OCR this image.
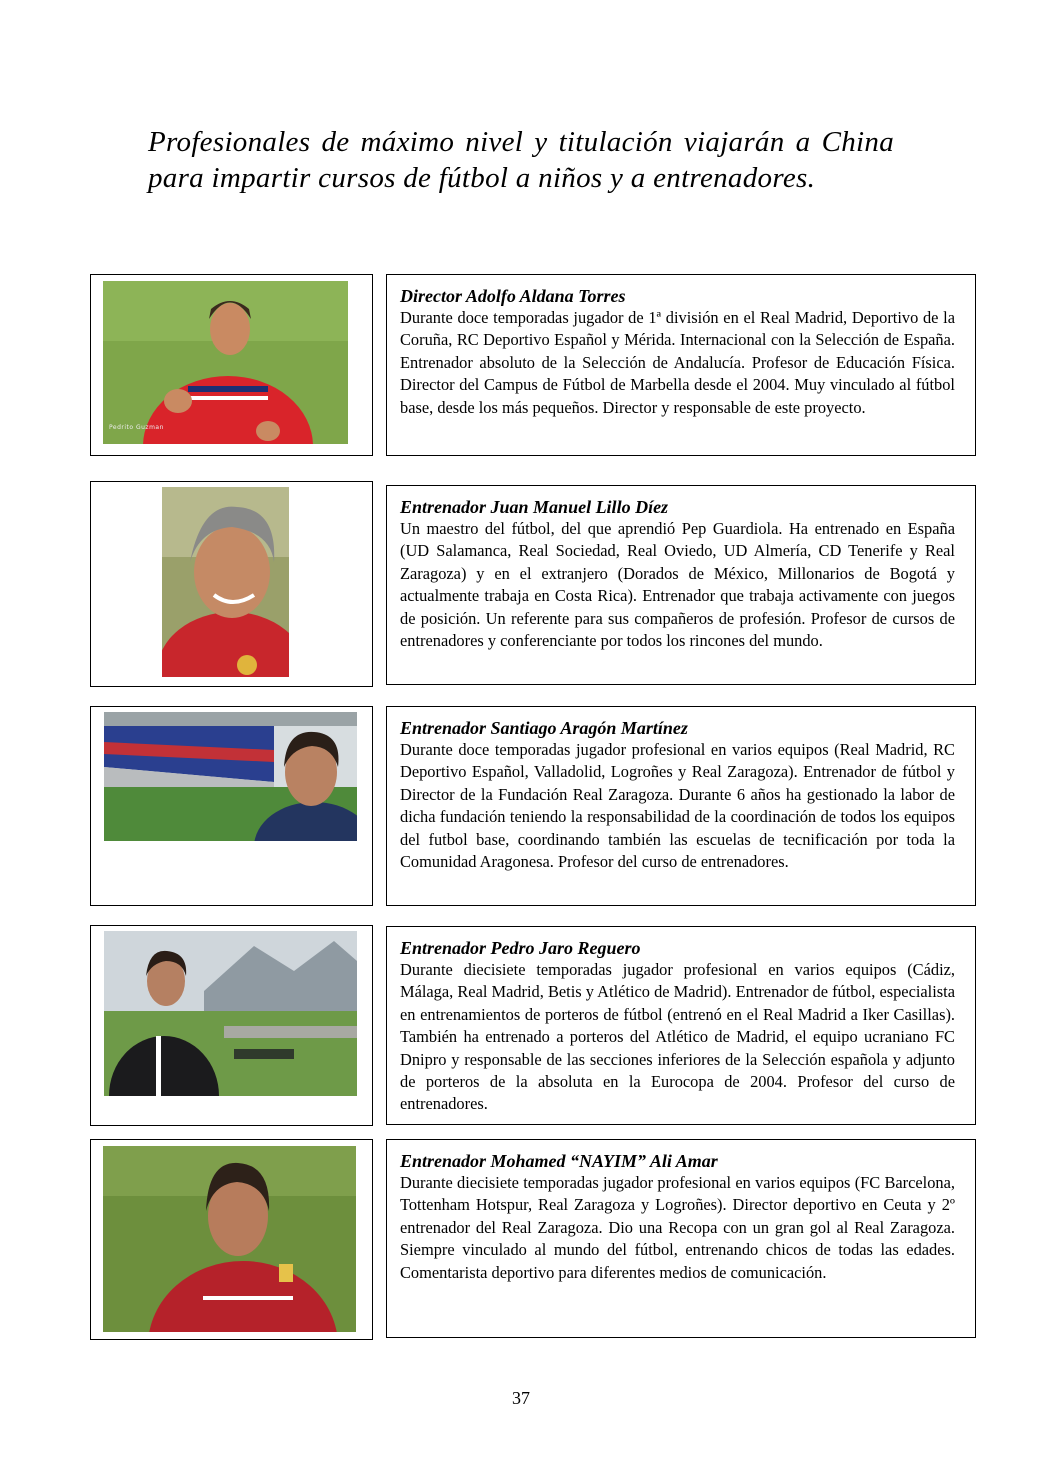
Profesionales de máximo nivel y titulación viajarán a China para impartir cursos de fútbol a niños y a entrenadores.
Pedrito Guzman
Director Adolfo Aldana Torres
Durante doce temporadas jugador de 1ª división en el Real Madrid, Deportivo de la Coruña, RC Deportivo Español y Mérida. Internacional con la Selección de España. Entrenador absoluto de la Selección de Andalucía. Profesor de Educación Física. Director del Campus de Fútbol de Marbella desde el 2004. Muy vinculado al fútbol base, desde los más pequeños. Director y responsable de este proyecto.
Entrenador Juan Manuel Lillo Díez
Un maestro del fútbol, del que aprendió Pep Guardiola. Ha entrenado en España (UD Salamanca, Real Sociedad, Real Oviedo, UD Almería, CD Tenerife y Real Zaragoza) y en el extranjero (Dorados de México, Millonarios de Bogotá y actualmente trabaja en Costa Rica). Entrenador que trabaja activamente con juegos de posición. Un referente para sus compañeros de profesión. Profesor de cursos de entrenadores y conferenciante por todos los rincones del mundo.
Entrenador Santiago Aragón Martínez
Durante doce temporadas jugador profesional en varios equipos (Real Madrid, RC Deportivo Español, Valladolid, Logroñes y Real Zaragoza). Entrenador de fútbol y Director de la Fundación Real Zaragoza. Durante 6 años ha gestionado la labor de dicha fundación teniendo la responsabilidad de la coordinación de todos los equipos del futbol base, coordinando también las escuelas de tecnificación por toda la Comunidad Aragonesa. Profesor del curso de entrenadores.
Entrenador Pedro Jaro Reguero
Durante diecisiete temporadas jugador profesional en varios equipos (Cádiz, Málaga, Real Madrid, Betis y Atlético de Madrid). Entrenador de fútbol, especialista en entrenamientos de porteros de fútbol (entrenó en el Real Madrid a Iker Casillas). También ha entrenado a porteros del Atlético de Madrid, el equipo ucraniano FC Dnipro y responsable de las secciones inferiores de la Selección española y adjunto de porteros de la absoluta en la Eurocopa de 2004. Profesor del curso de entrenadores.
Entrenador Mohamed “NAYIM” Ali Amar
Durante diecisiete temporadas jugador profesional en varios equipos (FC Barcelona, Tottenham Hotspur, Real Zaragoza y Logroñes). Director deportivo en Ceuta y 2º entrenador del Real Zaragoza. Dio una Recopa con un gran gol al Real Zaragoza. Siempre vinculado al mundo del fútbol, entrenando chicos de todas las edades. Comentarista deportivo para diferentes medios de comunicación.
37
